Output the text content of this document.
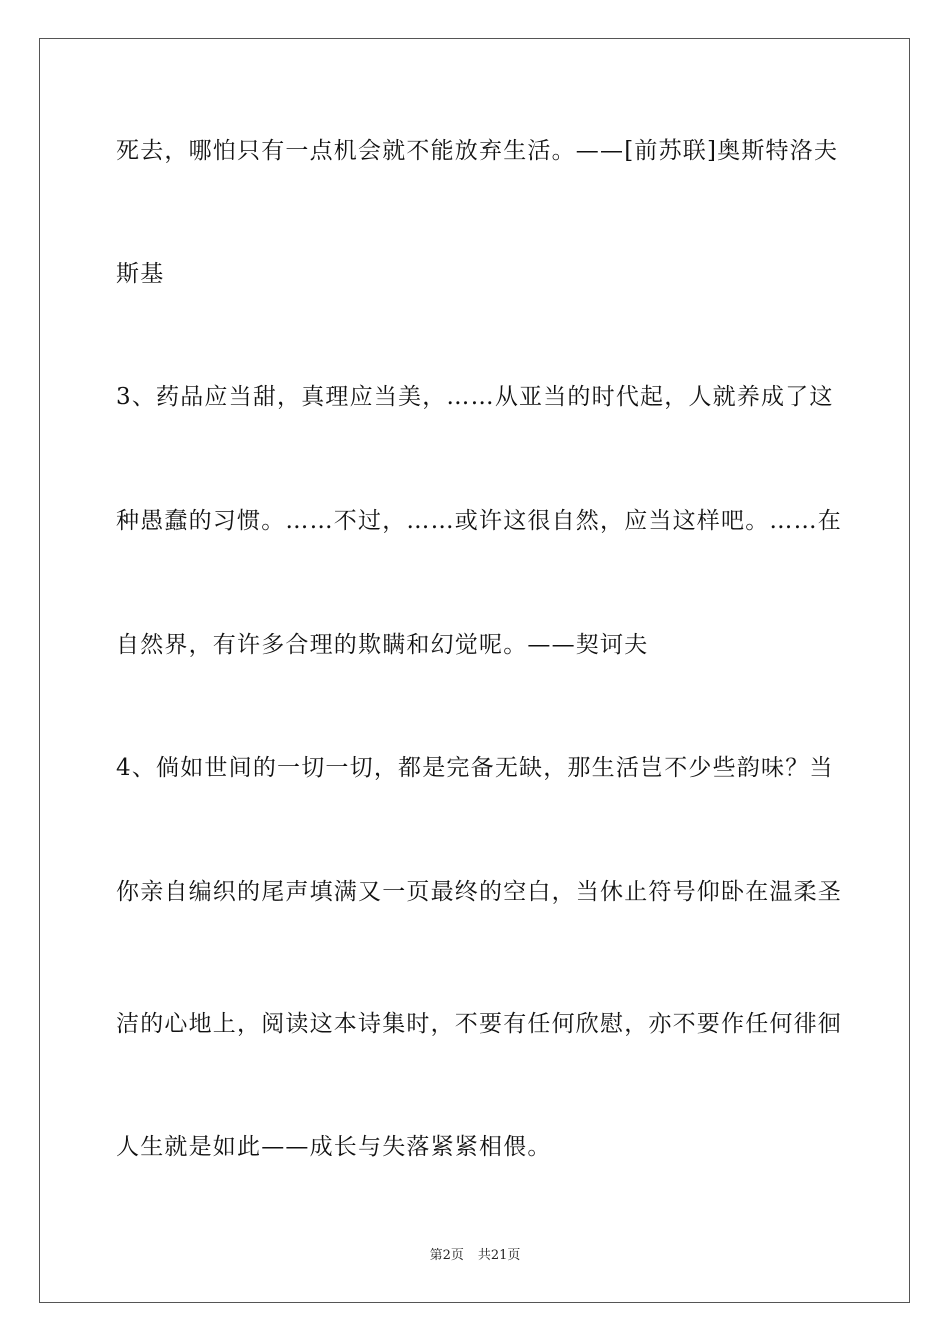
死去，哪怕只有一点机会就不能放弃生活。——[前苏联]奥斯特洛夫
斯基
3、药品应当甜，真理应当美，……从亚当的时代起，人就养成了这
种愚蠢的习惯。……不过，……或许这很自然，应当这样吧。……在
自然界，有许多合理的欺瞒和幻觉呢。——契诃夫
4、倘如世间的一切一切，都是完备无缺，那生活岂不少些韵味？当
你亲自编织的尾声填满又一页最终的空白，当休止符号仰卧在温柔圣
洁的心地上，阅读这本诗集时，不要有任何欣慰，亦不要作任何徘徊
人生就是如此——成长与失落紧紧相偎。
第2页 共21页
